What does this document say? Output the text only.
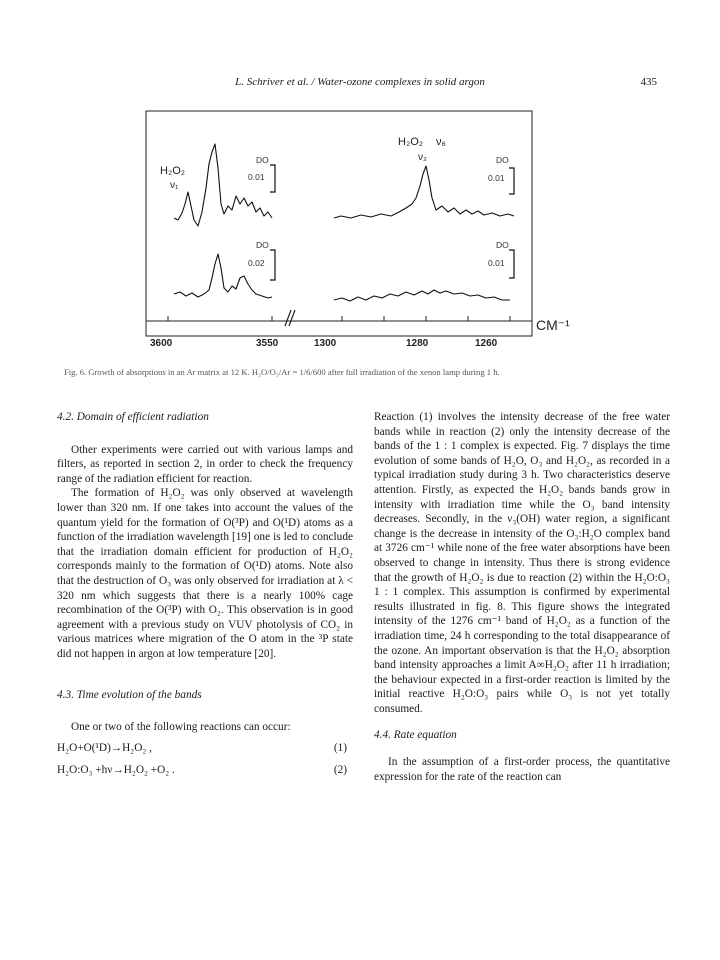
L. Schriver et al. / Water-ozone complexes in solid argon	435
3600	3550	1300	1280	1260
CM⁻¹
H₂O₂
ν₁
H₂O₂ ν₆
ν₂
DO
0.01
DO
0.01
DO
0.02
DO
0.01
Fig. 6. Growth of absorptions in an Ar matrix at 12 K. H₂O/O₃/Ar = 1/6/600 after full irradiation of the xenon lamp during 1 h.

4.2. Domain of efficient radiation

Other experiments were carried out with various lamps and filters, as reported in section 2, in order to check the frequency range of the radiation efficient for reaction.

The formation of H₂O₂ was only observed at wavelength lower than 320 nm. If one takes into account the values of the quantum yield for the formation of O(³P) and O(¹D) atoms as a function of the irradiation wavelength [19] one is led to conclude that the irradiation domain efficient for production of H₂O₂ corresponds mainly to the formation of O(¹D) atoms. Note also that the destruction of O₃ was only observed for irradiation at λ < 320 nm which suggests that there is a nearly 100% cage recombination of the O(³P) with O₂. This observation is in good agreement with a previous study on VUV photolysis of CO₂ in various matrices where migration of the O atom in the ³P state did not happen in argon at low temperature [20].

4.3. Time evolution of the bands

One or two of the following reactions can occur:

H₂O+O(¹D)→H₂O₂ ,	(1)
H₂O:O₃ +hν→H₂O₂ +O₂ .	(2)

Reaction (1) involves the intensity decrease of the free water bands while in reaction (2) only the intensity decrease of the bands of the 1 : 1 complex is expected. Fig. 7 displays the time evolution of some bands of H₂O, O₃ and H₂O₂, as recorded in a typical irradiation study during 3 h. Two characteristics deserve attention. Firstly, as expected the H₂O₂ bands bands grow in intensity with irradiation time while the O₃ band intensity decreases. Secondly, in the ν₃(OH) water region, a significant change is the decrease in intensity of the O₃:H₂O complex band at 3726 cm⁻¹ while none of the free water absorptions have been observed to change in intensity. Thus there is strong evidence that the growth of H₂O₂ is due to reaction (2) within the H₂O:O₃ 1 : 1 complex. This assumption is confirmed by experimental results illustrated in fig. 8. This figure shows the integrated intensity of the 1276 cm⁻¹ band of H₂O₂ as a function of the irradiation time, 24 h corresponding to the total disappearance of the ozone. An important observation is that the H₂O₂ absorption band intensity approaches a limit A∞H₂O₂ after 11 h irradiation; the behaviour expected in a first-order reaction is limited by the initial reactive H₂O:O₃ pairs while O₃ is not yet totally consumed.

4.4. Rate equation

In the assumption of a first-order process, the quantitative expression for the rate of the reaction can
